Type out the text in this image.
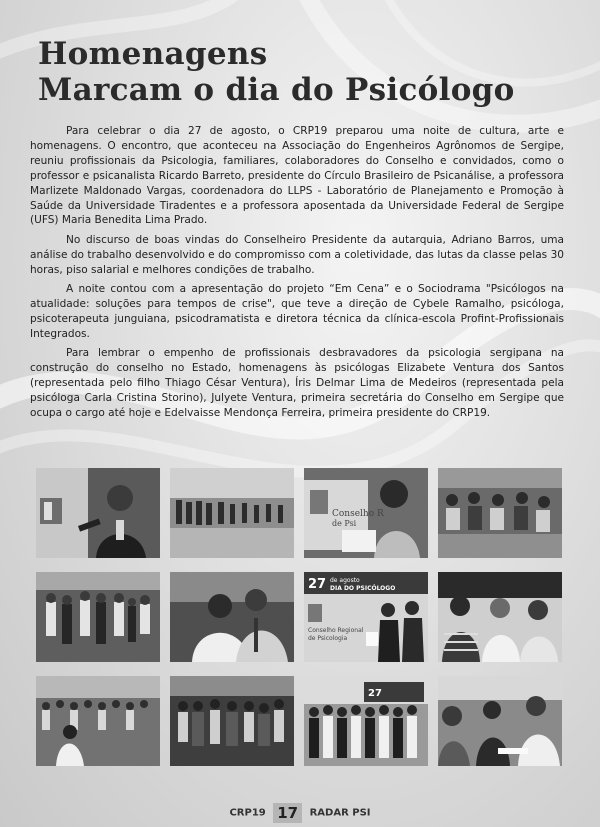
Homenagens
Marcam o dia do Psicólogo

Para celebrar o dia 27 de agosto, o CRP19 preparou uma noite de cultura, arte e homenagens. O encontro, que aconteceu na Associação do Engenheiros Agrônomos de Sergipe, reuniu profissionais da Psicologia, familiares, colaboradores do Conselho e convidados, como o professor e psicanalista Ricardo Barreto, presidente do Círculo Brasileiro de Psicanálise, a professora Marlizete Maldonado Vargas, coordenadora do LLPS - Laboratório de Planejamento e Promoção à Saúde da Universidade Tiradentes e a professora aposentada da Universidade Federal de Sergipe (UFS) Maria Benedita Lima Prado.

No discurso de boas vindas do Conselheiro Presidente da autarquia, Adriano Barros, uma análise do trabalho desenvolvido e do compromisso com a coletividade, das lutas da classe pelas 30 horas, piso salarial e melhores condições de trabalho.

A noite contou com a apresentação do projeto “Em Cena” e o Sociodrama "Psicólogos na atualidade: soluções para tempos de crise", que teve a direção de Cybele Ramalho, psicóloga, psicoterapeuta junguiana, psicodramatista e diretora técnica da clínica-escola Profint-Profissionais Integrados.

Para lembrar o empenho de profissionais desbravadores da psicologia sergipana na construção do conselho no Estado, homenagens às psicólogas Elizabete Ventura dos Santos (representada pelo filho Thiago César Ventura), Íris Delmar Lima de Medeiros (representada pela psicóloga Carla Cristina Storino), Julyete Ventura, primeira secretária do Conselho em Sergipe que ocupa o cargo até hoje e Edelvaisse Mendonça Ferreira, primeira presidente do CRP19.

Conselho R
de Psi
27 de agosto
DIA DO PSICÓLOGO
Conselho Regional
de Psicologia
27
CRP19 17 RADAR PSI
